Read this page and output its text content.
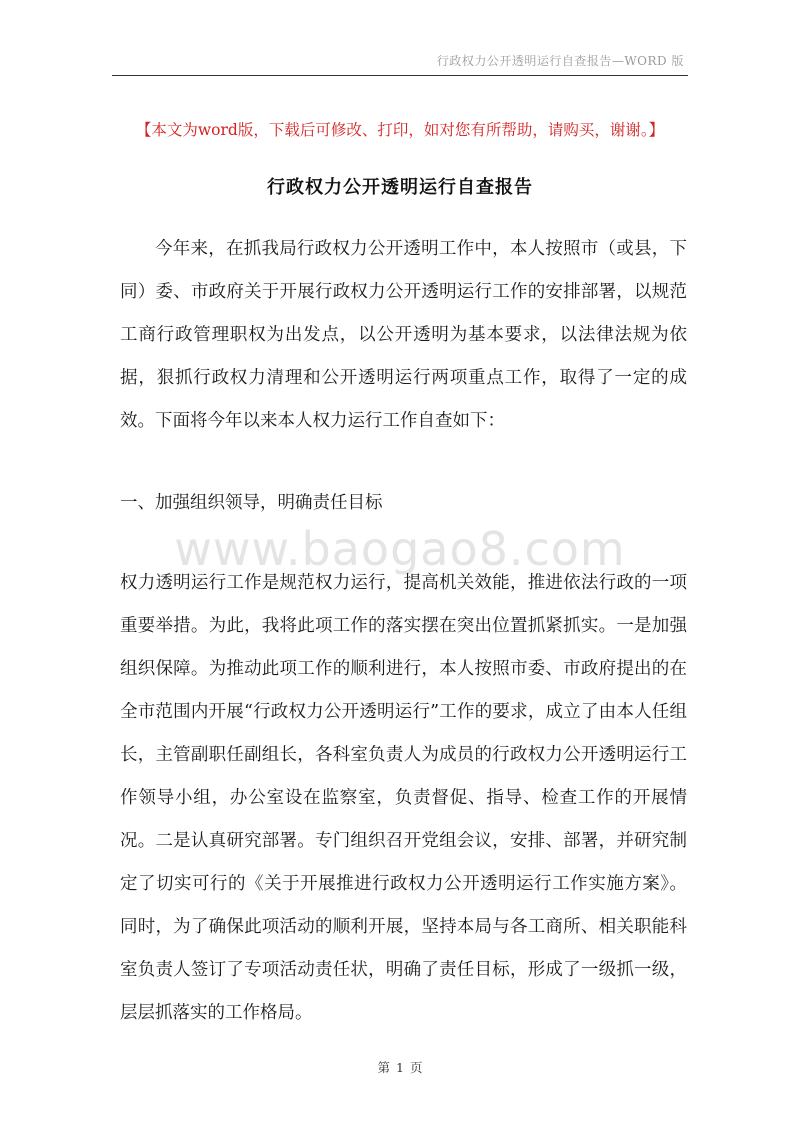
行政权力公开透明运行自查报告—WORD 版
【本文为word版，下载后可修改、打印，如对您有所帮助，请购买，谢谢。】
行政权力公开透明运行自查报告

今年来，在抓我局行政权力公开透明工作中，本人按照市（或县，下同）委、市政府关于开展行政权力公开透明运行工作的安排部署，以规范工商行政管理职权为出发点，以公开透明为基本要求，以法律法规为依据，狠抓行政权力清理和公开透明运行两项重点工作，取得了一定的成效。下面将今年以来本人权力运行工作自查如下：

一、加强组织领导，明确责任目标

www.baogao8.com

权力透明运行工作是规范权力运行，提高机关效能，推进依法行政的一项重要举措。为此，我将此项工作的落实摆在突出位置抓紧抓实。一是加强组织保障。为推动此项工作的顺利进行，本人按照市委、市政府提出的在全市范围内开展“行政权力公开透明运行”工作的要求，成立了由本人任组长，主管副职任副组长，各科室负责人为成员的行政权力公开透明运行工作领导小组，办公室设在监察室，负责督促、指导、检查工作的开展情况。二是认真研究部署。专门组织召开党组会议，安排、部署，并研究制定了切实可行的《关于开展推进行政权力公开透明运行工作实施方案》。同时，为了确保此项活动的顺利开展，坚持本局与各工商所、相关职能科室负责人签订了专项活动责任状，明确了责任目标，形成了一级抓一级，层层抓落实的工作格局。

第 1 页
